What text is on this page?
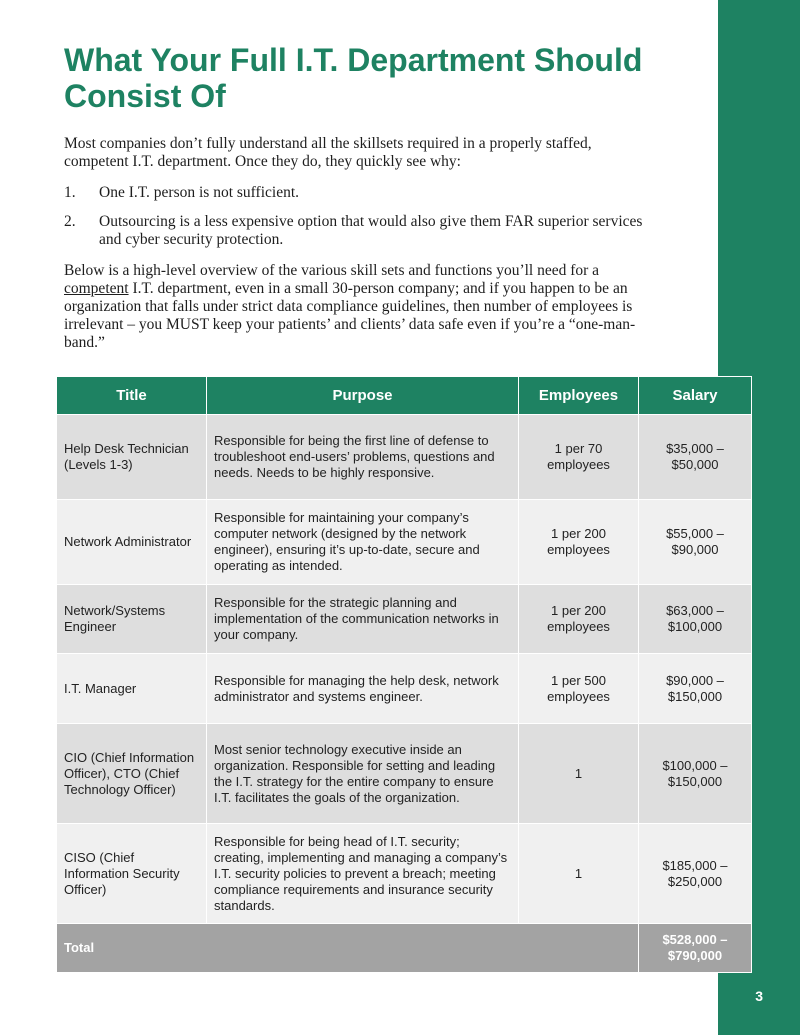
3
What Your Full I.T. Department Should Consist Of

Most companies don’t fully understand all the skillsets required in a properly staffed, competent I.T. department. Once they do, they quickly see why:

1.	One I.T. person is not sufficient.
2.	Outsourcing is a less expensive option that would also give them FAR superior services and cyber security protection.

Below is a high-level overview of the various skill sets and functions you’ll need for a competent I.T. department, even in a small 30-person company; and if you happen to be an organization that falls under strict data compliance guidelines, then number of employees is irrelevant – you MUST keep your patients’ and clients’ data safe even if you’re a “one-man-band.”

Title	Purpose	Employees	Salary
Help Desk Technician (Levels 1-3)	Responsible for being the first line of defense to troubleshoot end-users’ problems, questions and needs. Needs to be highly responsive.	1 per 70 employees	$35,000 – $50,000
Network Administrator	Responsible for maintaining your company’s computer network (designed by the network engineer), ensuring it’s up-to-date, secure and operating as intended.	1 per 200 employees	$55,000 – $90,000
Network/Systems Engineer	Responsible for the strategic planning and implementation of the communication networks in your company.	1 per 200 employees	$63,000 – $100,000
I.T. Manager	Responsible for managing the help desk, network administrator and systems engineer.	1 per 500 employees	$90,000 – $150,000
CIO (Chief Information Officer), CTO (Chief Technology Officer)	Most senior technology executive inside an organization. Responsible for setting and leading the I.T. strategy for the entire company to ensure I.T. facilitates the goals of the organization.	1	$100,000 – $150,000
CISO (Chief Information Security Officer)	Responsible for being head of I.T. security; creating, implementing and managing a company’s I.T. security policies to prevent a breach; meeting compliance requirements and insurance security standards.	1	$185,000 – $250,000
Total			$528,000 – $790,000
